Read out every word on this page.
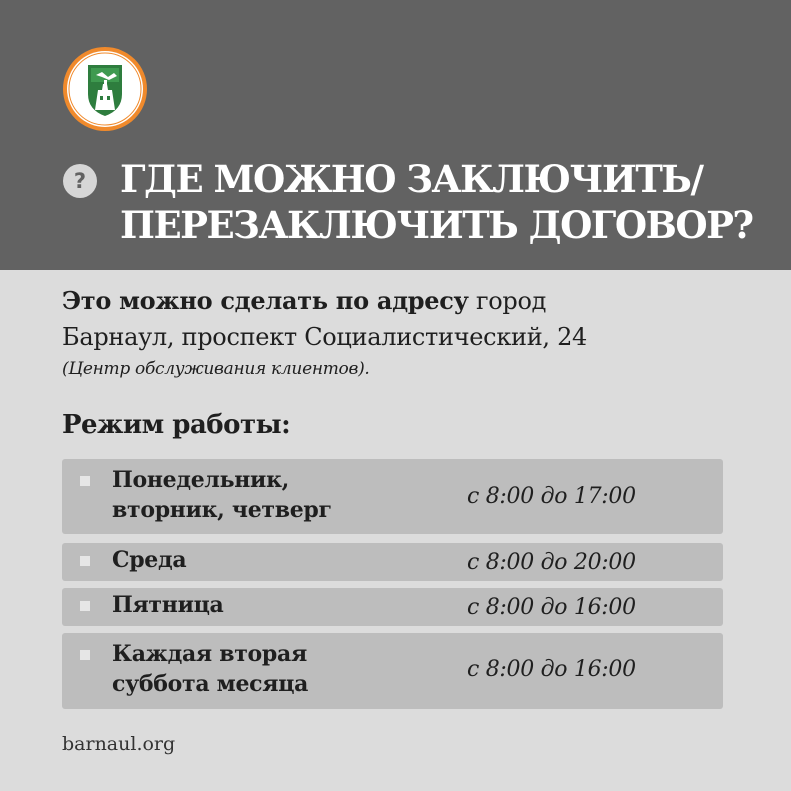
? ГДЕ МОЖНО ЗАКЛЮЧИТЬ/
ПЕРЕЗАКЛЮЧИТЬ ДОГОВОР?
Это можно сделать по адресу город
Барнаул, проспект Социалистический, 24
(Центр обслуживания клиентов).
Режим работы:
Понедельник,
вторник, четверг
с 8:00 до 17:00
Среда	с 8:00 до 20:00
Пятница	с 8:00 до 16:00
Каждая вторая
суббота месяца
с 8:00 до 16:00
barnaul.org
